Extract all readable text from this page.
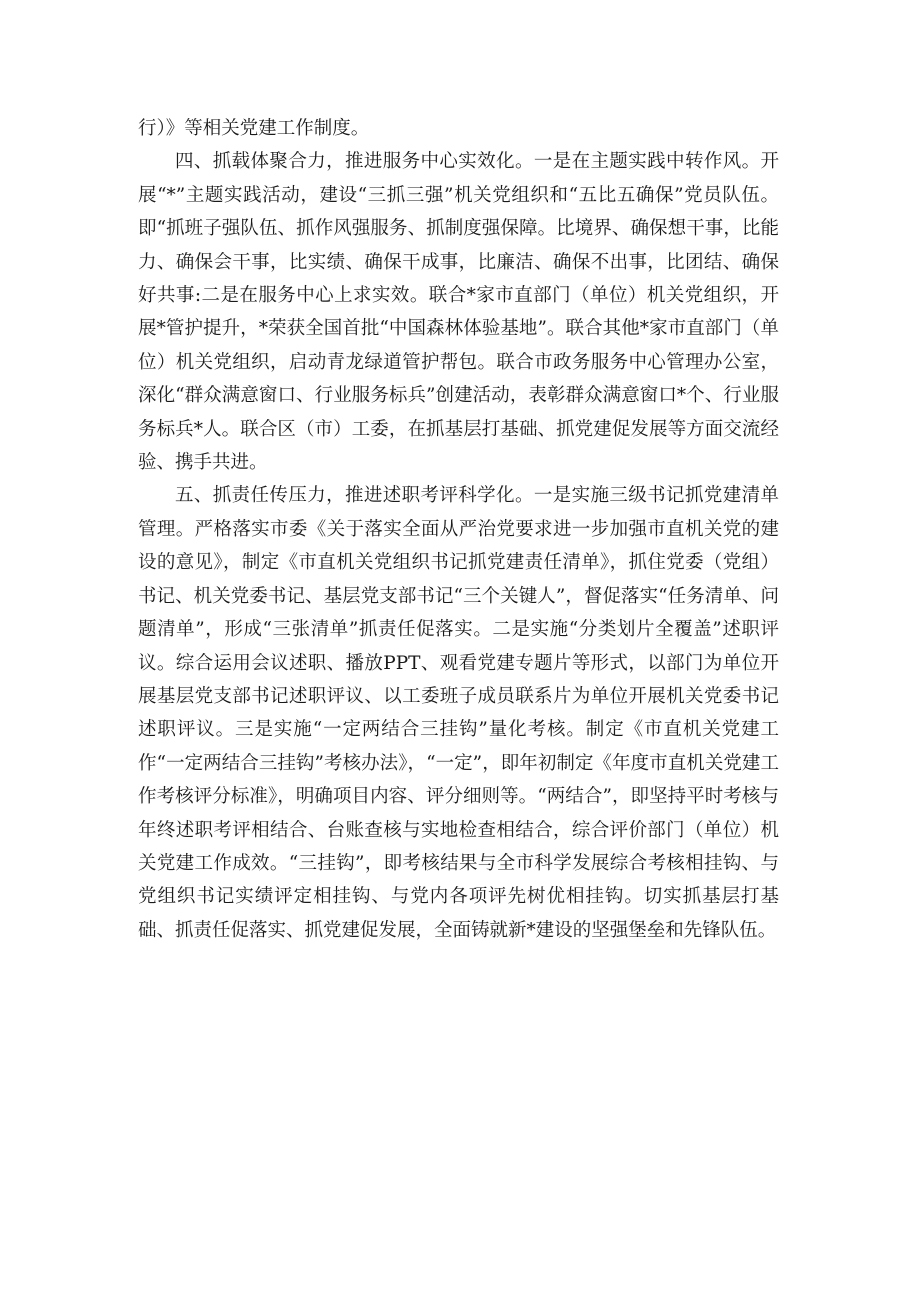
行）》等相关党建工作制度。

四、抓载体聚合力，推进服务中心实效化。一是在主题实践中转作风。开展“*”主题实践活动，建设“三抓三强”机关党组织和“五比五确保”党员队伍。即“抓班子强队伍、抓作风强服务、抓制度强保障。比境界、确保想干事，比能力、确保会干事，比实绩、确保干成事，比廉洁、确保不出事，比团结、确保好共事:二是在服务中心上求实效。联合*家市直部门（单位）机关党组织，开展*管护提升，*荣获全国首批“中国森林体验基地”。联合其他*家市直部门（单位）机关党组织，启动青龙绿道管护帮包。联合市政务服务中心管理办公室，深化“群众满意窗口、行业服务标兵”创建活动，表彰群众满意窗口*个、行业服务标兵*人。联合区（市）工委，在抓基层打基础、抓党建促发展等方面交流经验、携手共进。

五、抓责任传压力，推进述职考评科学化。一是实施三级书记抓党建清单管理。严格落实市委《关于落实全面从严治党要求进一步加强市直机关党的建设的意见》，制定《市直机关党组织书记抓党建责任清单》，抓住党委（党组）书记、机关党委书记、基层党支部书记“三个关键人”，督促落实“任务清单、问题清单”，形成“三张清单”抓责任促落实。二是实施“分类划片全覆盖”述职评议。综合运用会议述职、播放PPT、观看党建专题片等形式，以部门为单位开展基层党支部书记述职评议、以工委班子成员联系片为单位开展机关党委书记述职评议。三是实施“一定两结合三挂钩”量化考核。制定《市直机关党建工作“一定两结合三挂钩”考核办法》，“一定”，即年初制定《年度市直机关党建工作考核评分标准》，明确项目内容、评分细则等。“两结合”，即坚持平时考核与年终述职考评相结合、台账查核与实地检查相结合，综合评价部门（单位）机关党建工作成效。“三挂钩”，即考核结果与全市科学发展综合考核相挂钩、与党组织书记实绩评定相挂钩、与党内各项评先树优相挂钩。切实抓基层打基础、抓责任促落实、抓党建促发展，全面铸就新*建设的坚强堡垒和先锋队伍。
